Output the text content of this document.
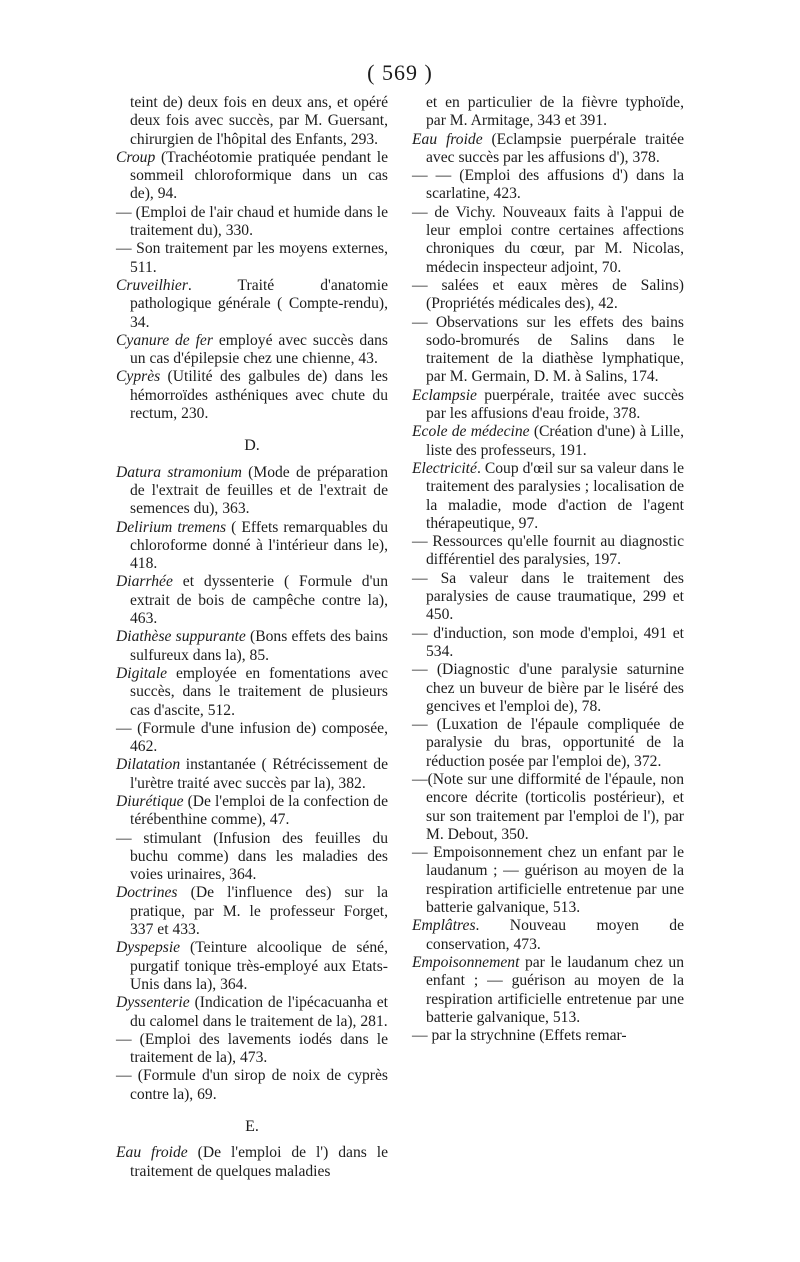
( 569 )

teint de) deux fois en deux ans, et opéré deux fois avec succès, par M. Guersant, chirurgien de l'hôpital des Enfants, 293.

Croup (Trachéotomie pratiquée pendant le sommeil chloroformique dans un cas de), 94.

— (Emploi de l'air chaud et humide dans le traitement du), 330.

— Son traitement par les moyens externes, 511.

Cruveilhier. Traité d'anatomie pathologique générale ( Compte-rendu), 34.

Cyanure de fer employé avec succès dans un cas d'épilepsie chez une chienne, 43.

Cyprès (Utilité des galbules de) dans les hémorroïdes asthéniques avec chute du rectum, 230.

D.

Datura stramonium (Mode de préparation de l'extrait de feuilles et de l'extrait de semences du), 363.

Delirium tremens ( Effets remarquables du chloroforme donné à l'intérieur dans le), 418.

Diarrhée et dyssenterie ( Formule d'un extrait de bois de campêche contre la), 463.

Diathèse suppurante (Bons effets des bains sulfureux dans la), 85.

Digitale employée en fomentations avec succès, dans le traitement de plusieurs cas d'ascite, 512.

— (Formule d'une infusion de) composée, 462.

Dilatation instantanée ( Rétrécissement de l'urètre traité avec succès par la), 382.

Diurétique (De l'emploi de la confection de térébenthine comme), 47.

— stimulant (Infusion des feuilles du buchu comme) dans les maladies des voies urinaires, 364.

Doctrines (De l'influence des) sur la pratique, par M. le professeur Forget, 337 et 433.

Dyspepsie (Teinture alcoolique de séné, purgatif tonique très-employé aux Etats-Unis dans la), 364.

Dyssenterie (Indication de l'ipécacuanha et du calomel dans le traitement de la), 281.

— (Emploi des lavements iodés dans le traitement de la), 473.

— (Formule d'un sirop de noix de cyprès contre la), 69.

E.

Eau froide (De l'emploi de l') dans le traitement de quelques maladies

et en particulier de la fièvre typhoïde, par M. Armitage, 343 et 391.

Eau froide (Eclampsie puerpérale traitée avec succès par les affusions d'), 378.

— — (Emploi des affusions d') dans la scarlatine, 423.

— de Vichy. Nouveaux faits à l'appui de leur emploi contre certaines affections chroniques du cœur, par M. Nicolas, médecin inspecteur adjoint, 70.

— salées et eaux mères de Salins) (Propriétés médicales des), 42.

— Observations sur les effets des bains sodo-bromurés de Salins dans le traitement de la diathèse lymphatique, par M. Germain, D. M. à Salins, 174.

Eclampsie puerpérale, traitée avec succès par les affusions d'eau froide, 378.

Ecole de médecine (Création d'une) à Lille, liste des professeurs, 191.

Electricité. Coup d'œil sur sa valeur dans le traitement des paralysies ; localisation de la maladie, mode d'action de l'agent thérapeutique, 97.

— Ressources qu'elle fournit au diagnostic différentiel des paralysies, 197.

— Sa valeur dans le traitement des paralysies de cause traumatique, 299 et 450.

— d'induction, son mode d'emploi, 491 et 534.

— (Diagnostic d'une paralysie saturnine chez un buveur de bière par le liséré des gencives et l'emploi de), 78.

— (Luxation de l'épaule compliquée de paralysie du bras, opportunité de la réduction posée par l'emploi de), 372.

—(Note sur une difformité de l'épaule, non encore décrite (torticolis postérieur), et sur son traitement par l'emploi de l'), par M. Debout, 350.

— Empoisonnement chez un enfant par le laudanum ; — guérison au moyen de la respiration artificielle entretenue par une batterie galvanique, 513.

Emplâtres. Nouveau moyen de conservation, 473.

Empoisonnement par le laudanum chez un enfant ; — guérison au moyen de la respiration artificielle entretenue par une batterie galvanique, 513.

— par la strychnine (Effets remar-
